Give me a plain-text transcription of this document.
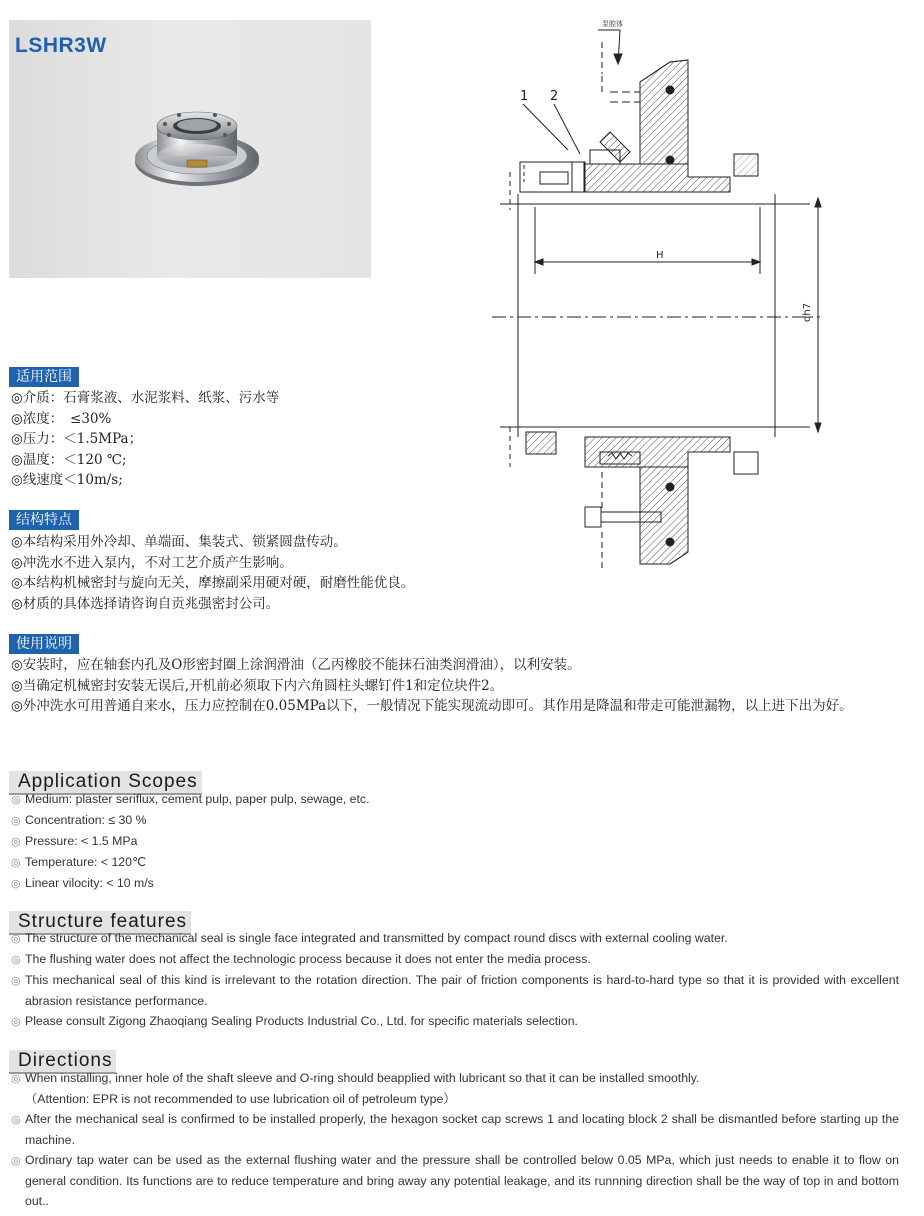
LSHR3W
泵腔体
1 2
H
dh7
适用范围
◎介质：石膏浆液、水泥浆料、纸浆、污水等
◎浓度：　≤30%
◎压力：＜1.5MPa；
◎温度：＜120 ℃;
◎线速度＜10m/s;
结构特点
◎本结构采用外冷却、单端面、集装式、锁紧圆盘传动。
◎冲洗水不进入泵内，不对工艺介质产生影响。
◎本结构机械密封与旋向无关，摩擦副采用硬对硬，耐磨性能优良。
◎材质的具体选择请咨询自贡兆强密封公司。
使用说明
◎安装时，应在轴套内孔及O形密封圈上涂润滑油（乙丙橡胶不能抹石油类润滑油），以利安装。
◎当确定机械密封安装无误后,开机前必须取下内六角圆柱头螺钉件1和定位块件2。
◎外冲洗水可用普通自来水，压力应控制在0.05MPa以下，一般情况下能实现流动即可。其作用是降温和带走可能泄漏物，以上进下出为好。
Application Scopes
◎ Medium: plaster seriflux, cement pulp, paper pulp, sewage, etc.
◎ Concentration: ≤ 30 %
◎ Pressure: < 1.5 MPa
◎ Temperature: < 120℃
◎ Linear vilocity: < 10 m/s
Structure features
◎ The structure of the mechanical seal is single face integrated and transmitted by compact round discs with external cooling water.
◎ The flushing water does not affect the technologic process because it does not enter the media process.
◎ This mechanical seal of this kind is irrelevant to the rotation direction. The pair of friction components is hard-to-hard type so that it is provided with excellent abrasion resistance performance.
◎ Please consult Zigong Zhaoqiang Sealing Products Industrial Co., Ltd. for specific materials selection.
Directions
◎ When installing, inner hole of the shaft sleeve and O-ring should beapplied with lubricant so that it can be installed smoothly.
（Attention: EPR is not recommended to use lubrication oil of petroleum type）
◎ After the mechanical seal is confirmed to be installed properly, the hexagon socket cap screws 1 and locating block 2 shall be dismantled before starting up the machine.
◎ Ordinary tap water can be used as the external flushing water and the pressure shall be controlled below 0.05 MPa, which just needs to enable it to flow on general condition. Its functions are to reduce temperature and bring away any potential leakage, and its runnning direction shall be the way of top in and bottom out..
